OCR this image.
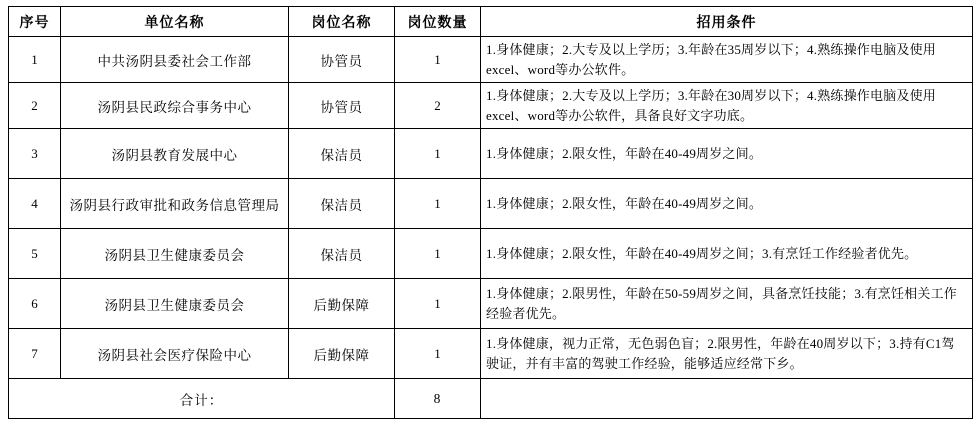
序号	单位名称	岗位名称	岗位数量	招用条件
1	中共汤阴县委社会工作部	协管员	1	1.身体健康；2.大专及以上学历；3.年龄在35周岁以下；4.熟练操作电脑及使用excel、word等办公软件。
2	汤阴县民政综合事务中心	协管员	2	1.身体健康；2.大专及以上学历；3.年龄在30周岁以下；4.熟练操作电脑及使用excel、word等办公软件，具备良好文字功底。
3	汤阴县教育发展中心	保洁员	1	1.身体健康；2.限女性，年龄在40-49周岁之间。
4	汤阴县行政审批和政务信息管理局	保洁员	1	1.身体健康；2.限女性，年龄在40-49周岁之间。
5	汤阴县卫生健康委员会	保洁员	1	1.身体健康；2.限女性，年龄在40-49周岁之间；3.有烹饪工作经验者优先。
6	汤阴县卫生健康委员会	后勤保障	1	1.身体健康；2.限男性，年龄在50-59周岁之间，具备烹饪技能；3.有烹饪相关工作经验者优先。
7	汤阴县社会医疗保险中心	后勤保障	1	1.身体健康，视力正常，无色弱色盲；2.限男性，年龄在40周岁以下；3.持有C1驾驶证，并有丰富的驾驶工作经验，能够适应经常下乡。
合计：			8	
